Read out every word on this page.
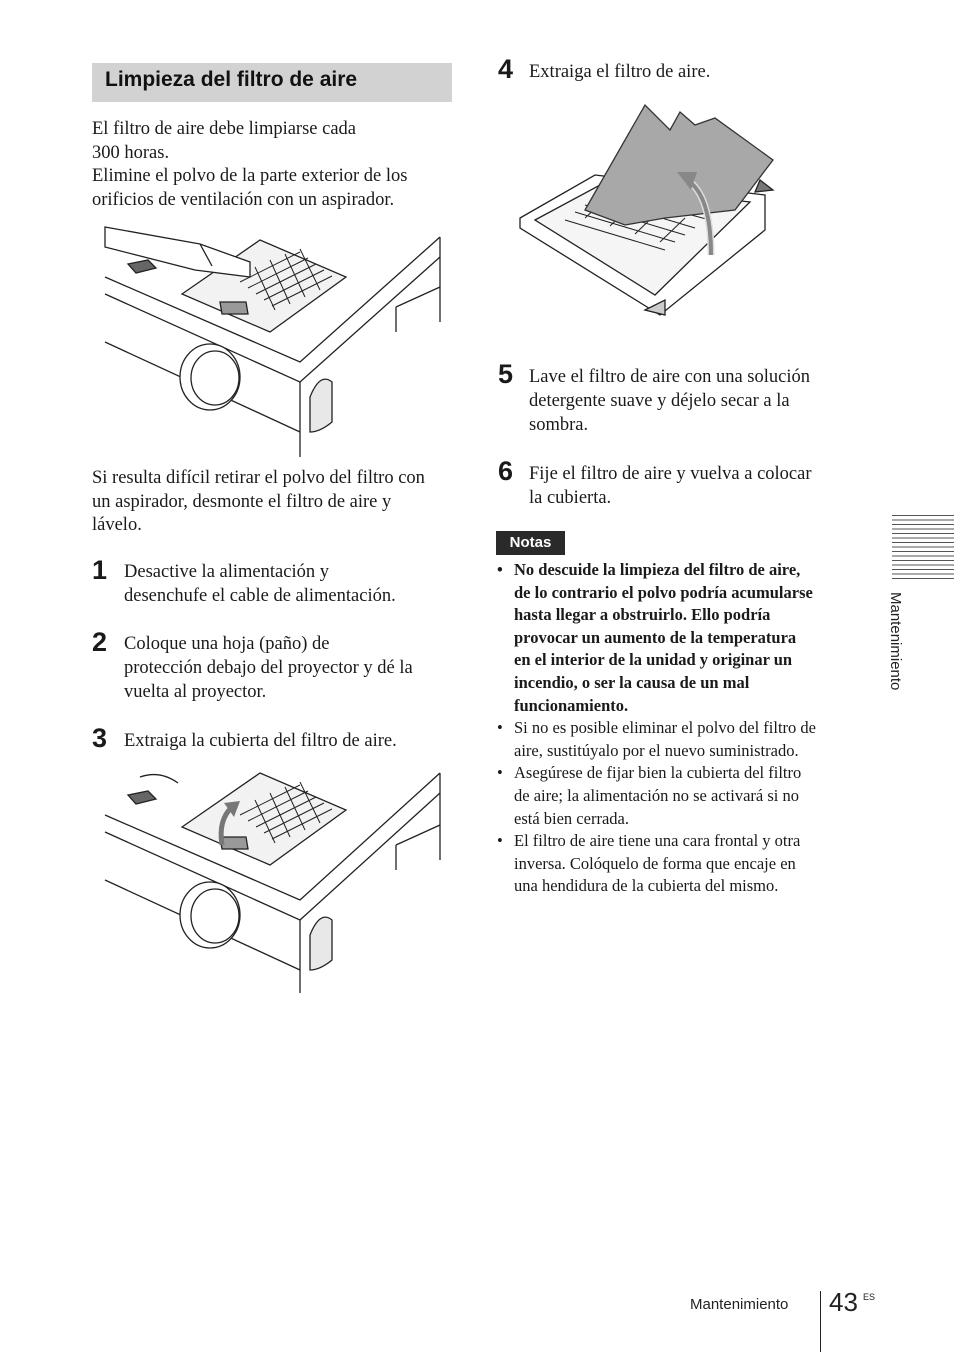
Limpieza del filtro de aire
El filtro de aire debe limpiarse cada
300 horas.
Elimine el polvo de la parte exterior de los
orificios de ventilación con un aspirador.
Si resulta difícil retirar el polvo del filtro con
un aspirador, desmonte el filtro de aire y
lávelo.
1 Desactive la alimentación y
desenchufe el cable de alimentación.
2 Coloque una hoja (paño) de
protección debajo del proyector y dé la
vuelta al proyector.
3 Extraiga la cubierta del filtro de aire.
4 Extraiga el filtro de aire.
5 Lave el filtro de aire con una solución
detergente suave y déjelo secar a la
sombra.
6 Fije el filtro de aire y vuelva a colocar
la cubierta.
Notas
• No descuide la limpieza del filtro de aire,
de lo contrario el polvo podría acumularse
hasta llegar a obstruirlo. Ello podría
provocar un aumento de la temperatura
en el interior de la unidad y originar un
incendio, o ser la causa de un mal
funcionamiento.
• Si no es posible eliminar el polvo del filtro de
aire, sustitúyalo por el nuevo suministrado.
• Asegúrese de fijar bien la cubierta del filtro
de aire; la alimentación no se activará si no
está bien cerrada.
• El filtro de aire tiene una cara frontal y otra
inversa. Colóquelo de forma que encaje en
una hendidura de la cubierta del mismo.
Mantenimiento
Mantenimiento 43 ES
